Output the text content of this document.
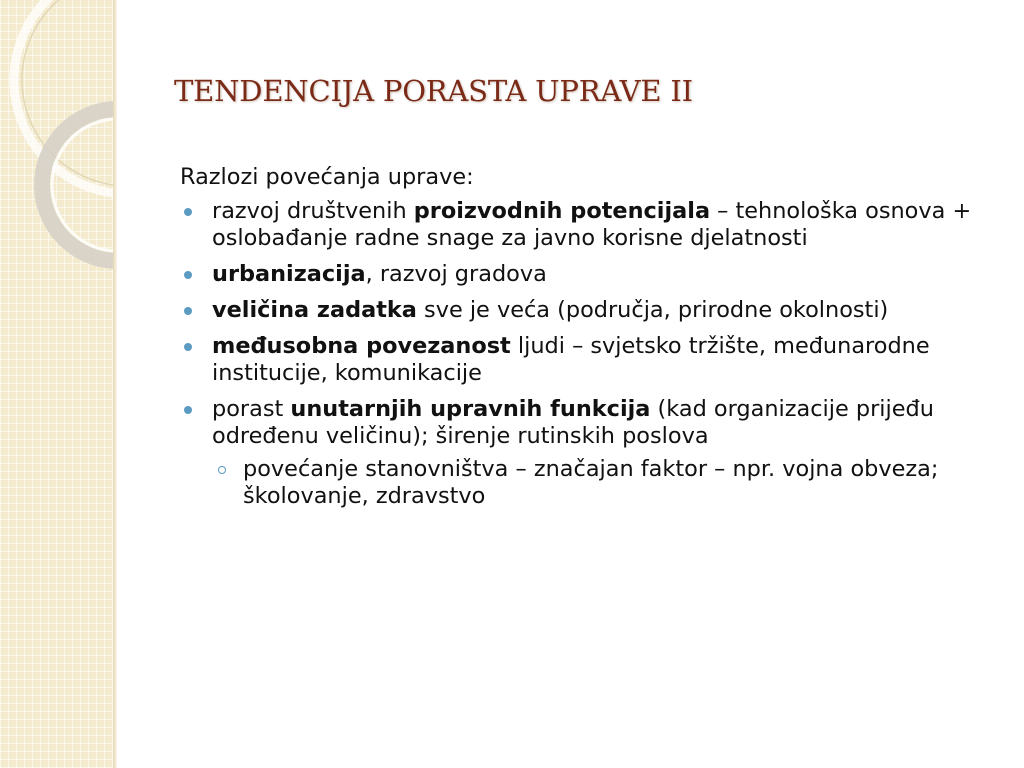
TENDENCIJA PORASTA UPRAVE II

Razlozi povećanja uprave:

razvoj društvenih proizvodnih potencijala – tehnološka osnova + oslobađanje radne snage za javno korisne djelatnosti
urbanizacija, razvoj gradova
veličina zadatka sve je veća (područja, prirodne okolnosti)
međusobna povezanost ljudi – svjetsko tržište, međunarodne institucije, komunikacije
porast unutarnjih upravnih funkcija (kad organizacije prijeđu određenu veličinu); širenje rutinskih poslova
povećanje stanovništva – značajan faktor – npr. vojna obveza; školovanje, zdravstvo
